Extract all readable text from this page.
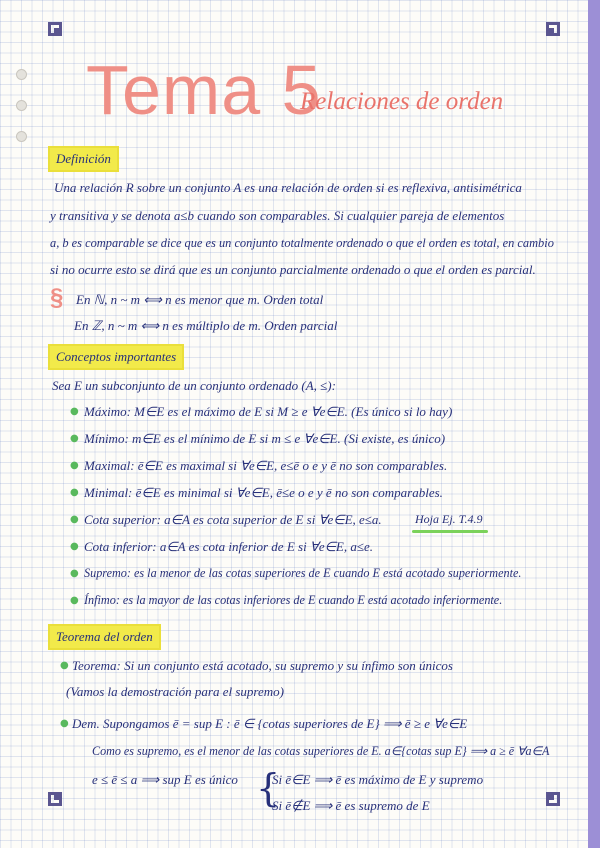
Tema 5
Relaciones de orden
Definición
Una relación R sobre un conjunto A es una relación de orden si es reflexiva, antisimétrica
y transitiva y se denota a≤b cuando son comparables. Si cualquier pareja de elementos
a, b es comparable se dice que es un conjunto totalmente ordenado o que el orden es total, en cambio
si no ocurre esto se dirá que es un conjunto parcialmente ordenado o que el orden es parcial.
§ En ℕ, n ~ m ⟺ n es menor que m. Orden total
En ℤ, n ~ m ⟺ n es múltiplo de m. Orden parcial
Conceptos importantes
Sea E un subconjunto de un conjunto ordenado (A, ≤):
● Máximo: M∈E es el máximo de E si M ≥ e ∀e∈E. (Es único si lo hay)
● Mínimo: m∈E es el mínimo de E si m ≤ e ∀e∈E. (Si existe, es único)
● Maximal: ē∈E es maximal si ∀e∈E, e≤ē o e y ē no son comparables.
● Minimal: ē∈E es minimal si ∀e∈E, ē≤e o e y ē no son comparables.
● Cota superior: a∈A es cota superior de E si ∀e∈E, e≤a.	Hoja Ej. T.4.9
● Cota inferior: a∈A es cota inferior de E si ∀e∈E, a≤e.
● Supremo: es la menor de las cotas superiores de E cuando E está acotado superiormente.
● Ínfimo: es la mayor de las cotas inferiores de E cuando E está acotado inferiormente.
Teorema del orden
● Teorema: Si un conjunto está acotado, su supremo y su ínfimo son únicos
(Vamos la demostración para el supremo)
● Dem. Supongamos ē = sup E : ē ∈ {cotas superiores de E} ⟹ ē ≥ e ∀e∈E
Como es supremo, es el menor de las cotas superiores de E. a∈{cotas sup E} ⟹ a ≥ ē ∀a∈A
e ≤ ē ≤ a ⟹ sup E es único {
Si ē∈E ⟹ ē es máximo de E y supremo
Si ē∉E ⟹ ē es supremo de E
